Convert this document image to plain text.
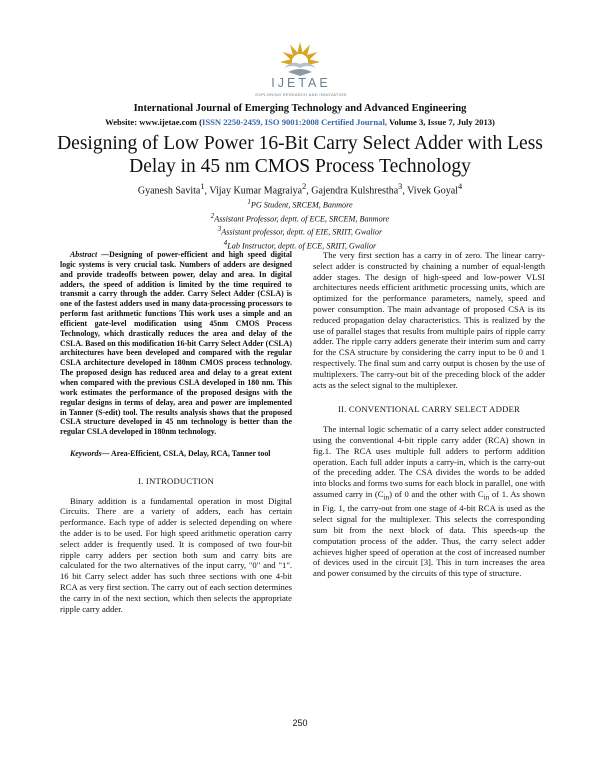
IJETAE
EXPLORING RESEARCH AND INNOVATION
International Journal of Emerging Technology and Advanced Engineering
Website: www.ijetae.com (ISSN 2250-2459, ISO 9001:2008 Certified Journal, Volume 3, Issue 7, July 2013)
Designing of Low Power 16-Bit Carry Select Adder with Less Delay in 45 nm CMOS Process Technology
Gyanesh Savita$^1$, Vijay Kumar Magraiya$^2$, Gajendra Kulshrestha$^3$, Vivek Goyal$^4$
$^1$PG Student, SRCEM, Banmore
$^2$Assistant Professor, deptt. of ECE, SRCEM, Banmore
$^3$Assistant professor, deptt. of EIE, SRIIT, Gwalior
$^4$Lab Instructor, deptt. of ECE, SRIIT, Gwalior

Abstract —Designing of power-efficient and high speed digital logic systems is very crucial task. Numbers of adders are designed and provide tradeoffs between power, delay and area. In digital adders, the speed of addition is limited by the time required to transmit a carry through the adder. Carry Select Adder (CSLA) is one of the fastest adders used in many data-processing processors to perform fast arithmetic functions This work uses a simple and an efficient gate-level modification using 45nm CMOS Process Technology, which drastically reduces the area and delay of the CSLA. Based on this modification 16-bit Carry Select Adder (CSLA) architectures have been developed and compared with the regular CSLA architecture developed in 180nm CMOS process technology. The proposed design has reduced area and delay to a great extent when compared with the previous CSLA developed in 180 nm. This work estimates the performance of the proposed designs with the regular designs in terms of delay, area and power are implemented in Tanner (S-edit) tool. The results analysis shows that the proposed CSLA structure developed in 45 nm technology is better than the regular CSLA developed in 180nm technology.

Keywords— Area-Efficient, CSLA, Delay, RCA, Tanner tool

I. INTRODUCTION

Binary addition is a fundamental operation in most Digital Circuits. There are a variety of adders, each has certain performance. Each type of adder is selected depending on where the adder is to be used. For high speed arithmetic operation carry select adder is frequently used. It is composed of two four-bit ripple carry adders per section both sum and carry bits are calculated for the two alternatives of the input carry, "0" and "1". 16 bit Carry select adder has such three sections with one 4-bit RCA as very first section. The carry out of each section determines the carry in of the next section, which then selects the appropriate ripple carry adder.

The very first section has a carry in of zero. The linear carry-select adder is constructed by chaining a number of equal-length adder stages. The design of high-speed and low-power VLSI architectures needs efficient arithmetic processing units, which are optimized for the performance parameters, namely, speed and power consumption. The main advantage of proposed CSA is its reduced propagation delay characteristics. This is realized by the use of parallel stages that results from multiple pairs of ripple carry adder. The ripple carry adders generate their interim sum and carry for the CSA structure by considering the carry input to be 0 and 1 respectively. The final sum and carry output is chosen by the use of multiplexers. The carry-out bit of the preceding block of the adder acts as the select signal to the multiplexer.

II. CONVENTIONAL CARRY SELECT ADDER

The internal logic schematic of a carry select adder constructed using the conventional 4-bit ripple carry adder (RCA) shown in fig.1. The RCA uses multiple full adders to perform addition operation. Each full adder inputs a carry-in, which is the carry-out of the preceding adder. The CSA divides the words to be added into blocks and forms two sums for each block in parallel, one with assumed carry in $(C_{in})$ of 0 and the other with $C_{in}$ of 1. As shown in Fig. 1, the carry-out from one stage of 4-bit RCA is used as the select signal for the multiplexer. This selects the corresponding sum bit from the next block of data. This speeds-up the computation process of the adder. Thus, the carry select adder achieves higher speed of operation at the cost of increased number of devices used in the circuit [3]. This in turn increases the area and power consumed by the circuits of this type of structure.

250
